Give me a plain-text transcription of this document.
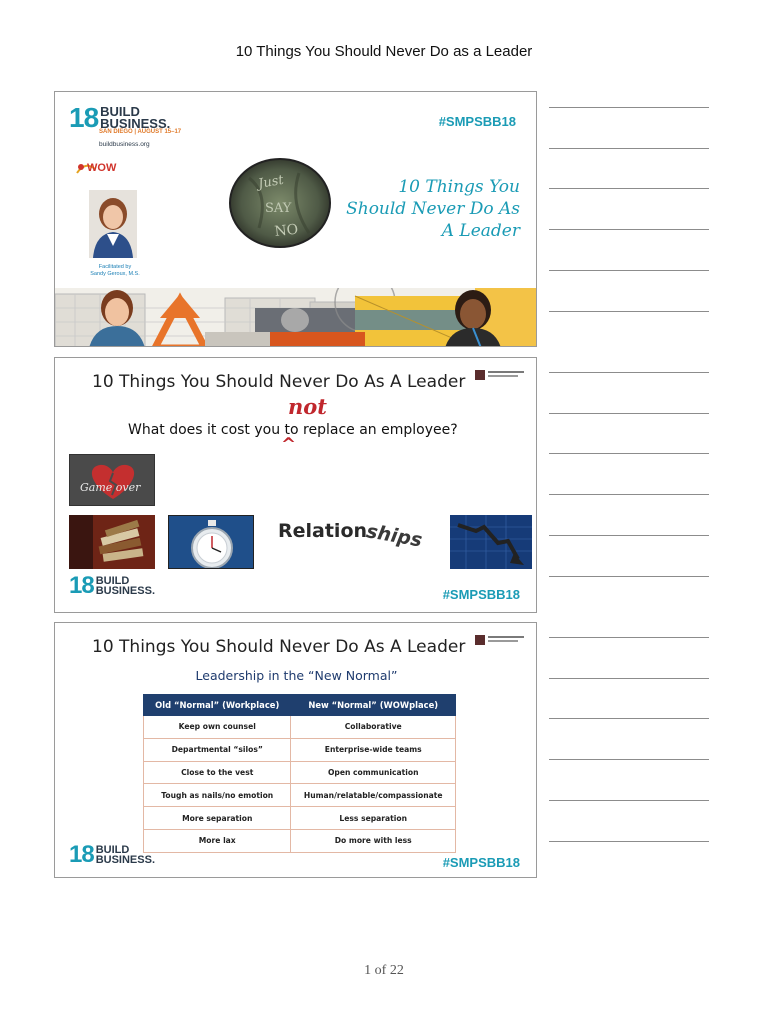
10 Things You Should Never Do as a Leader
18 BUILD
BUSINESS.
SAN DIEGO | AUGUST 15–17
buildbusiness.org
WOW
Facilitated by
Sandy Geroux, M.S.
Just
SAY
NO
10 Things You
Should Never Do As
A Leader
#SMPSBB18
10 Things You Should Never Do As A Leader
not
What does it cost you to replace an employee?
^
Game over
Relationships
18 BUILD
BUSINESS.	#SMPSBB18
10 Things You Should Never Do As A Leader
Leadership in the “New Normal”
Old “Normal” (Workplace)	New “Normal” (WOWplace)
Keep own counsel	Collaborative
Departmental “silos”	Enterprise-wide teams
Close to the vest	Open communication
Tough as nails/no emotion	Human/relatable/compassionate
More separation	Less separation
More lax	Do more with less
18 BUILD
BUSINESS.	#SMPSBB18
1 of 22
